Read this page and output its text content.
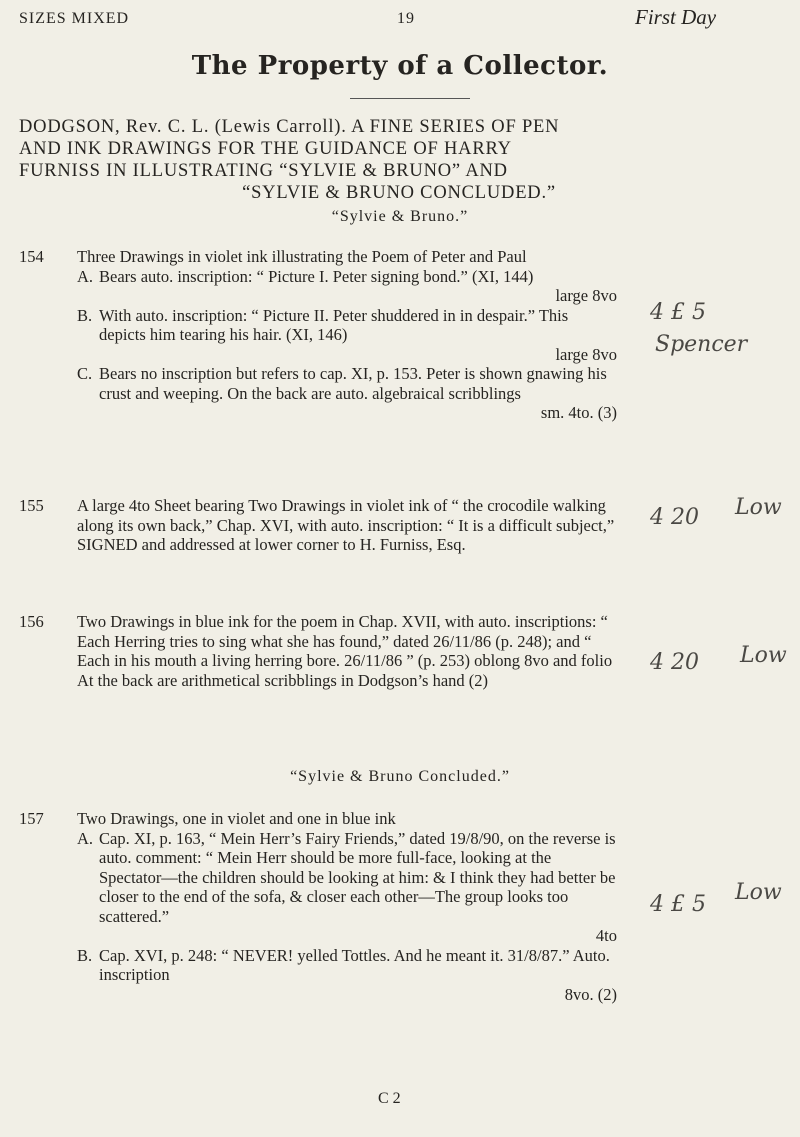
SIZES MIXED	19	First Day
The Property of a Collector.
DODGSON, Rev. C. L. (Lewis Carroll). A FINE SERIES OF PEN
AND INK DRAWINGS FOR THE GUIDANCE OF HARRY
FURNISS IN ILLUSTRATING “SYLVIE & BRUNO” AND
“SYLVIE & BRUNO CONCLUDED.”
“Sylvie & Bruno.”
154 Three Drawings in violet ink illustrating the Poem of Peter and Paul
A. Bears auto. inscription: “ Picture I. Peter signing bond.” (XI, 144)
large 8vo
B. With auto. inscription: “ Picture II. Peter shuddered in in despair.” This depicts him tearing his hair. (XI, 146)
large 8vo
C. Bears no inscription but refers to cap. XI, p. 153. Peter is shown gnawing his crust and weeping. On the back are auto. algebraical scribblings
sm. 4to. (3)
155 A large 4to Sheet bearing Two Drawings in violet ink of “ the crocodile walking along its own back,” Chap. XVI, with auto. inscription: “ It is a difficult subject,” SIGNED and addressed at lower corner to H. Furniss, Esq.
156 Two Drawings in blue ink for the poem in Chap. XVII, with auto. inscriptions: “ Each Herring tries to sing what she has found,” dated 26/11/86 (p. 248); and “ Each in his mouth a living herring bore. 26/11/86 ” (p. 253) oblong 8vo and folio At the back are arithmetical scribblings in Dodgson’s hand (2)
“Sylvie & Bruno Concluded.”
157 Two Drawings, one in violet and one in blue ink
A. Cap. XI, p. 163, “ Mein Herr’s Fairy Friends,” dated 19/8/90, on the reverse is auto. comment: “ Mein Herr should be more full-face, looking at the Spectator—the children should be looking at him: & I think they had better be closer to the end of the sofa, & closer each other—The group looks too scattered.”
4to
B. Cap. XVI, p. 248: “ NEVER! yelled Tottles. And he meant it. 31/8/87.” Auto. inscription
8vo. (2)
4 £ 5
Spencer
4 20 Low
4 20 Low
4 £ 5 Low
C 2
